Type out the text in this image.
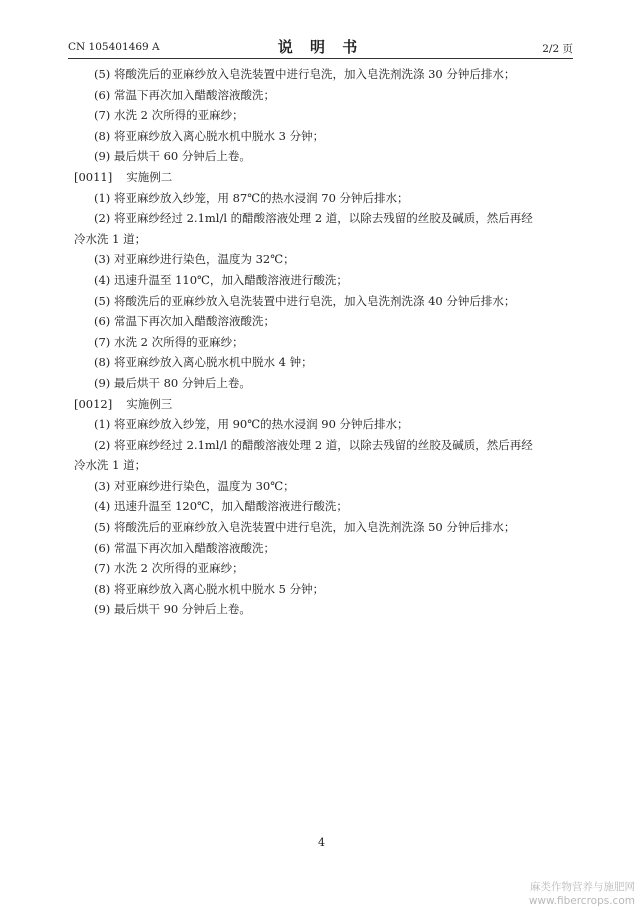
CN 105401469 A	说 明 书	2/2 页
(5) 将酸洗后的亚麻纱放入皂洗装置中进行皂洗，加入皂洗剂洗涤 30 分钟后排水；
(6) 常温下再次加入醋酸溶液酸洗；
(7) 水洗 2 次所得的亚麻纱；
(8) 将亚麻纱放入离心脱水机中脱水 3 分钟；
(9) 最后烘干 60 分钟后上卷。
[0011] 实施例二
(1) 将亚麻纱放入纱笼，用 87℃的热水浸润 70 分钟后排水；
(2) 将亚麻纱经过 2.1ml/l 的醋酸溶液处理 2 道，以除去残留的丝胶及碱质，然后再经
冷水洗 1 道；
(3) 对亚麻纱进行染色，温度为 32℃；
(4) 迅速升温至 110℃，加入醋酸溶液进行酸洗；
(5) 将酸洗后的亚麻纱放入皂洗装置中进行皂洗，加入皂洗剂洗涤 40 分钟后排水；
(6) 常温下再次加入醋酸溶液酸洗；
(7) 水洗 2 次所得的亚麻纱；
(8) 将亚麻纱放入离心脱水机中脱水 4 钟；
(9) 最后烘干 80 分钟后上卷。
[0012] 实施例三
(1) 将亚麻纱放入纱笼，用 90℃的热水浸润 90 分钟后排水；
(2) 将亚麻纱经过 2.1ml/l 的醋酸溶液处理 2 道，以除去残留的丝胶及碱质，然后再经
冷水洗 1 道；
(3) 对亚麻纱进行染色，温度为 30℃；
(4) 迅速升温至 120℃，加入醋酸溶液进行酸洗；
(5) 将酸洗后的亚麻纱放入皂洗装置中进行皂洗，加入皂洗剂洗涤 50 分钟后排水；
(6) 常温下再次加入醋酸溶液酸洗；
(7) 水洗 2 次所得的亚麻纱；
(8) 将亚麻纱放入离心脱水机中脱水 5 分钟；
(9) 最后烘干 90 分钟后上卷。
4
麻类作物营养与施肥网
www.fibercrops.com
